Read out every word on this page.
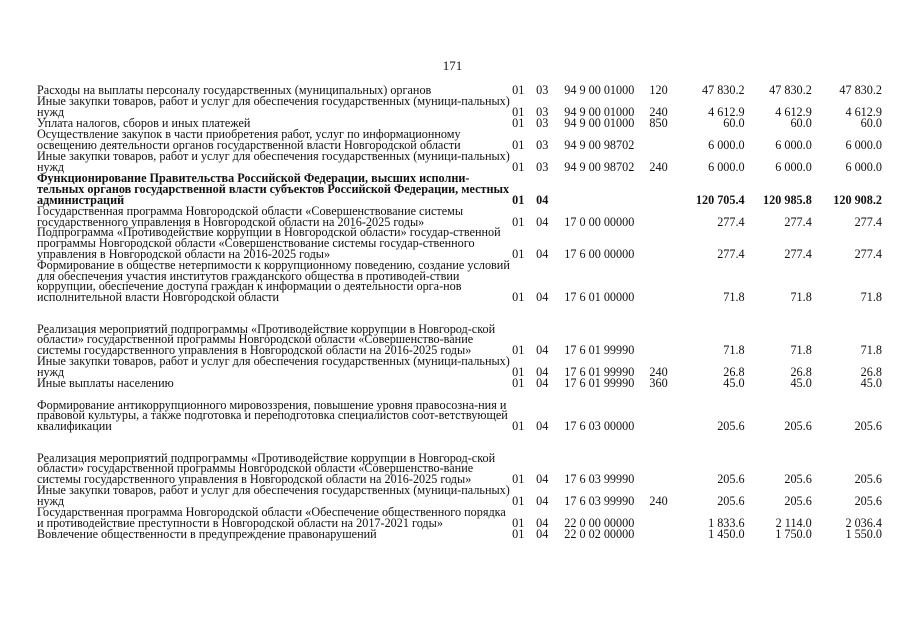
171
Расходы на выплаты персоналу государственных (муниципальных) органов	01	03	94 9 00 01000	120	47 830.2	47 830.2	47 830.2
Иные закупки товаров, работ и услуг для обеспечения государственных (муници-пальных) нужд	01	03	94 9 00 01000	240	4 612.9	4 612.9	4 612.9
Уплата налогов, сборов и иных платежей	01	03	94 9 00 01000	850	60.0	60.0	60.0
Осуществление закупок в части приобретения работ, услуг по информационному освещению деятельности органов государственной власти Новгородской области	01	03	94 9 00 98702		6 000.0	6 000.0	6 000.0
Иные закупки товаров, работ и услуг для обеспечения государственных (муници-пальных) нужд	01	03	94 9 00 98702	240	6 000.0	6 000.0	6 000.0
Функционирование Правительства Российской Федерации, высших исполни-тельных органов государственной власти субъектов Российской Федерации, местных администраций	01	04			120 705.4	120 985.8	120 908.2
Государственная программа Новгородской области «Совершенствование системы государственного управления в Новгородской области на 2016-2025 годы»	01	04	17 0 00 00000		277.4	277.4	277.4
Подпрограмма «Противодействие коррупции в Новгородской области» государ-ственной программы Новгородской области «Совершенствование системы государ-ственного управления в Новгородской области на 2016-2025 годы»	01	04	17 6 00 00000		277.4	277.4	277.4
Формирование в обществе нетерпимости к коррупционному поведению, создание условий для обеспечения участия институтов гражданского общества в противодей-ствии коррупции, обеспечение доступа граждан к информации о деятельности орга-нов исполнительной власти Новгородской области	01	04	17 6 01 00000		71.8	71.8	71.8
Реализация мероприятий подпрограммы «Противодействие коррупции в Новгород-ской области» государственной программы Новгородской области «Совершенство-вание системы государственного управления в Новгородской области на 2016-2025 годы»	01	04	17 6 01 99990		71.8	71.8	71.8
Иные закупки товаров, работ и услуг для обеспечения государственных (муници-пальных) нужд	01	04	17 6 01 99990	240	26.8	26.8	26.8
Иные выплаты населению	01	04	17 6 01 99990	360	45.0	45.0	45.0
Формирование антикоррупционного мировоззрения, повышение уровня правосозна-ния и правовой культуры, а также подготовка и переподготовка специалистов соот-ветствующей квалификации	01	04	17 6 03 00000		205.6	205.6	205.6
Реализация мероприятий подпрограммы «Противодействие коррупции в Новгород-ской области» государственной программы Новгородской области «Совершенство-вание системы государственного управления в Новгородской области на 2016-2025 годы»	01	04	17 6 03 99990		205.6	205.6	205.6
Иные закупки товаров, работ и услуг для обеспечения государственных (муници-пальных) нужд	01	04	17 6 03 99990	240	205.6	205.6	205.6
Государственная программа Новгородской области «Обеспечение общественного порядка и противодействие преступности в Новгородской области на 2017-2021 годы»	01	04	22 0 00 00000		1 833.6	2 114.0	2 036.4
Вовлечение общественности в предупреждение правонарушений	01	04	22 0 02 00000		1 450.0	1 750.0	1 550.0
